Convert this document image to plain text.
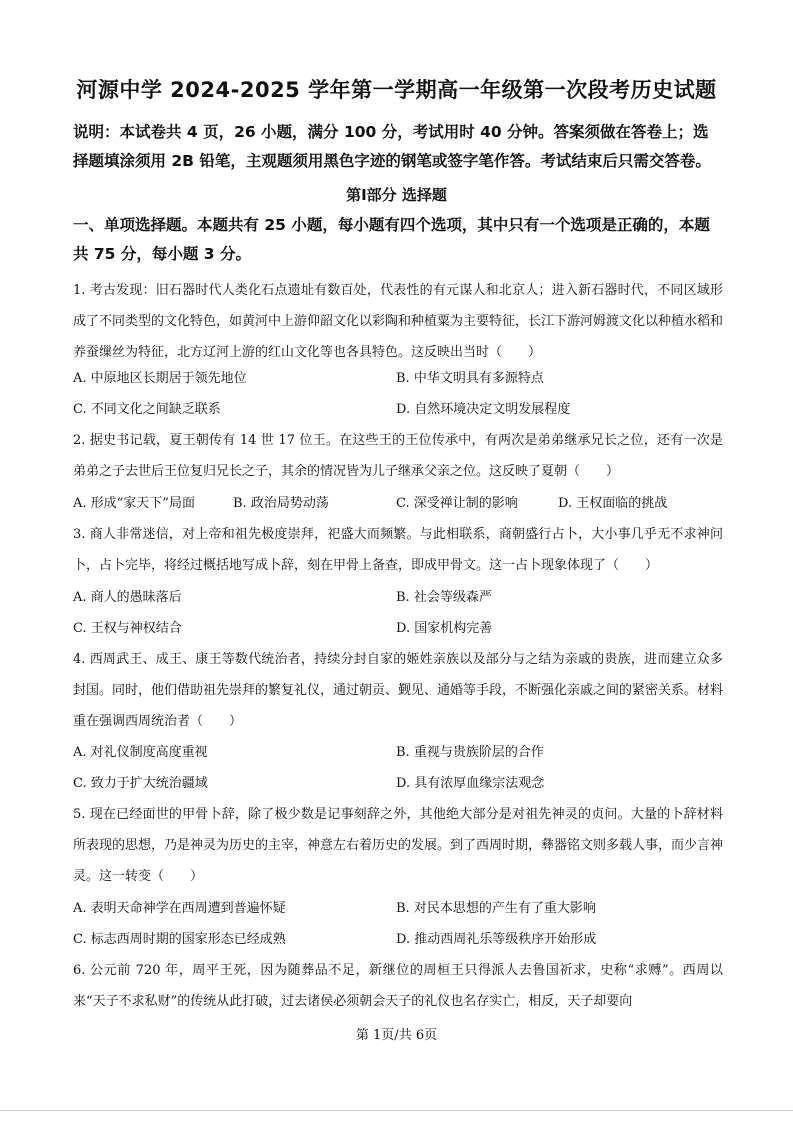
河源中学 2024-2025 学年第一学期高一年级第一次段考历史试题
说明：本试卷共 4 页，26 小题，满分 100 分，考试用时 40 分钟。答案须做在答卷上；选择题填涂须用 2B 铅笔，主观题须用黑色字迹的钢笔或签字笔作答。考试结束后只需交答卷。
第Ⅰ部分 选择题
一、单项选择题。本题共有 25 小题，每小题有四个选项，其中只有一个选项是正确的，本题共 75 分，每小题 3 分。
1. 考古发现：旧石器时代人类化石点遗址有数百处，代表性的有元谋人和北京人；进入新石器时代，不同区域形成了不同类型的文化特色，如黄河中上游仰韶文化以彩陶和种植粟为主要特征，长江下游河姆渡文化以种植水稻和养蚕缫丝为特征，北方辽河上游的红山文化等也各具特色。这反映出当时（　　）
A. 中原地区长期居于领先地位	B. 中华文明具有多源特点
C. 不同文化之间缺乏联系	D. 自然环境决定文明发展程度
2. 据史书记载，夏王朝传有 14 世 17 位王。在这些王的王位传承中，有两次是弟弟继承兄长之位，还有一次是弟弟之子去世后王位复归兄长之子，其余的情况皆为儿子继承父亲之位。这反映了夏朝（　　）
A. 形成“家天下”局面	B. 政治局势动荡	C. 深受禅让制的影响	D. 王权面临的挑战
3. 商人非常迷信，对上帝和祖先极度崇拜，祀盛大而频繁。与此相联系，商朝盛行占卜，大小事几乎无不求神问卜，占卜完毕，将经过概括地写成卜辞，刻在甲骨上备查，即成甲骨文。这一占卜现象体现了（　　）
A. 商人的愚昧落后	B. 社会等级森严
C. 王权与神权结合	D. 国家机构完善
4. 西周武王、成王、康王等数代统治者，持续分封自家的姬姓亲族以及部分与之结为亲戚的贵族，进而建立众多封国。同时，他们借助祖先崇拜的繁复礼仪，通过朝贡、觐见、通婚等手段，不断强化亲戚之间的紧密关系。材料重在强调西周统治者（　　）
A. 对礼仪制度高度重视	B. 重视与贵族阶层的合作
C. 致力于扩大统治疆域	D. 具有浓厚血缘宗法观念
5. 现在已经面世的甲骨卜辞，除了极少数是记事刻辞之外，其他绝大部分是对祖先神灵的贞问。大量的卜辞材料所表现的思想，乃是神灵为历史的主宰，神意左右着历史的发展。到了西周时期，彝器铭文则多载人事，而少言神灵。这一转变（　　）
A. 表明天命神学在西周遭到普遍怀疑	B. 对民本思想的产生有了重大影响
C. 标志西周时期的国家形态已经成熟	D. 推动西周礼乐等级秩序开始形成
6. 公元前 720 年，周平王死，因为随葬品不足，新继位的周桓王只得派人去鲁国祈求，史称“求赙”。西周以来“天子不求私财”的传统从此打破，过去诸侯必须朝会天子的礼仪也名存实亡，相反，天子却要向
第 1页/共 6页
